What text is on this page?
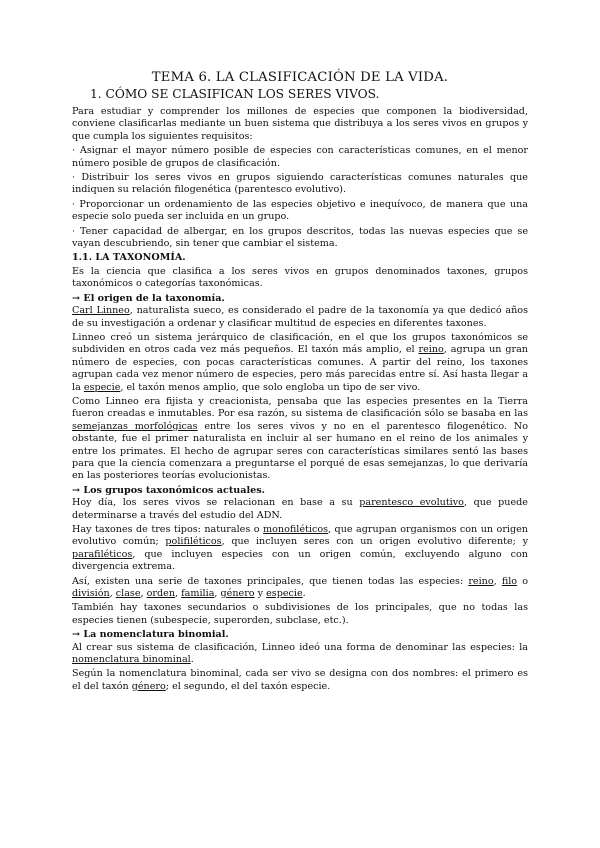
TEMA 6. LA CLASIFICACIÓN DE LA VIDA.
1. CÓMO SE CLASIFICAN LOS SERES VIVOS.

Para estudiar y comprender los millones de especies que componen la biodiversidad, conviene clasificarlas mediante un buen sistema que distribuya a los seres vivos en grupos y que cumpla los siguientes requisitos:

· Asignar el mayor número posible de especies con características comunes, en el menor número posible de grupos de clasificación.

· Distribuir los seres vivos en grupos siguiendo características comunes naturales que indiquen su relación filogenética (parentesco evolutivo).

· Proporcionar un ordenamiento de las especies objetivo e inequívoco, de manera que una especie solo pueda ser incluida en un grupo.

· Tener capacidad de albergar, en los grupos descritos, todas las nuevas especies que se vayan descubriendo, sin tener que cambiar el sistema.

1.1. LA TAXONOMÍA.

Es la ciencia que clasifica a los seres vivos en grupos denominados taxones, grupos taxonómicos o categorías taxonómicas.

→ El origen de la taxonomía.

Carl Linneo, naturalista sueco, es considerado el padre de la taxonomía ya que dedicó años de su investigación a ordenar y clasificar multitud de especies en diferentes taxones.

Linneo creó un sistema jerárquico de clasificación, en el que los grupos taxonómicos se subdividen en otros cada vez más pequeños. El taxón más amplio, el reino, agrupa un gran número de especies, con pocas características comunes. A partir del reino, los taxones agrupan cada vez menor número de especies, pero más parecidas entre sí. Así hasta llegar a la especie, el taxón menos amplio, que solo engloba un tipo de ser vivo.

Como Linneo era fijista y creacionista, pensaba que las especies presentes en la Tierra fueron creadas e inmutables. Por esa razón, su sistema de clasificación sólo se basaba en las semejanzas morfológicas entre los seres vivos y no en el parentesco filogenético. No obstante, fue el primer naturalista en incluir al ser humano en el reino de los animales y entre los primates. El hecho de agrupar seres con características similares sentó las bases para que la ciencia comenzara a preguntarse el porqué de esas semejanzas, lo que derivaría en las posteriores teorías evolucionistas.

→ Los grupos taxonómicos actuales.

Hoy día, los seres vivos se relacionan en base a su parentesco evolutivo, que puede determinarse a través del estudio del ADN.

Hay taxones de tres tipos: naturales o monofiléticos, que agrupan organismos con un origen evolutivo común; polifiléticos, que incluyen seres con un origen evolutivo diferente; y parafiléticos, que incluyen especies con un origen común, excluyendo alguno con divergencia extrema.

Así, existen una serie de taxones principales, que tienen todas las especies: reino, filo o división, clase, orden, familia, género y especie.

También hay taxones secundarios o subdivisiones de los principales, que no todas las especies tienen (subespecie, superorden, subclase, etc.).

→ La nomenclatura binomial.

Al crear sus sistema de clasificación, Linneo ideó una forma de denominar las especies: la nomenclatura binominal.

Según la nomenclatura binominal, cada ser vivo se designa con dos nombres: el primero es el del taxón género; el segundo, el del taxón especie.
